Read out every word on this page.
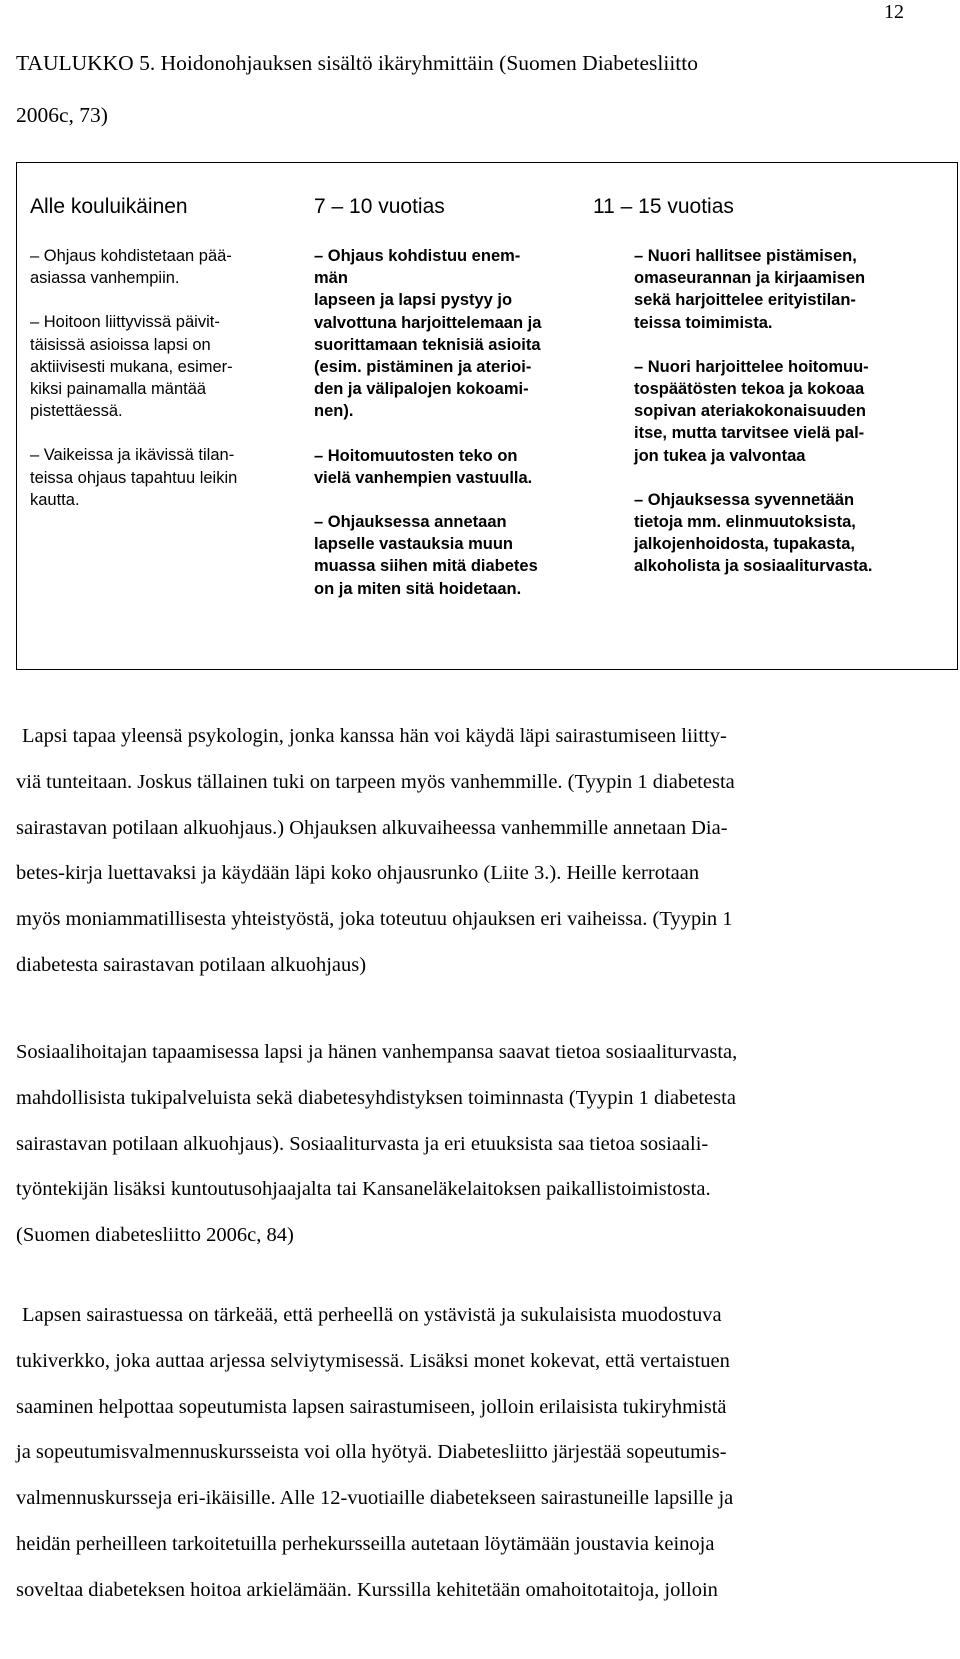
12
TAULUKKO 5. Hoidonohjauksen sisältö ikäryhmittäin (Suomen Diabetesliitto
2006c, 73)
Alle kouluikäinen	7 – 10 vuotias	11 – 15 vuotias

– Ohjaus kohdistetaan pää-
asiassa vanhempiin.

– Hoitoon liittyvissä päivit-
täisissä asioissa lapsi on
aktiivisesti mukana, esimer-
kiksi painamalla mäntää
pistettäessä.

– Vaikeissa ja ikävissä tilan-
teissa ohjaus tapahtuu leikin
kautta.

– Ohjaus kohdistuu enem-
män
lapseen ja lapsi pystyy jo
valvottuna harjoittelemaan ja
suorittamaan teknisiä asioita
(esim. pistäminen ja aterioi-
den ja välipalojen kokoami-
nen).

– Hoitomuutosten teko on
vielä vanhempien vastuulla.

– Ohjauksessa annetaan
lapselle vastauksia muun
muassa siihen mitä diabetes
on ja miten sitä hoidetaan.

– Nuori hallitsee pistämisen,
omaseurannan ja kirjaamisen
sekä harjoittelee erityistilan-
teissa toimimista.

– Nuori harjoittelee hoitomuu-
tospäätösten tekoa ja kokoaa
sopivan ateriakokonaisuuden
itse, mutta tarvitsee vielä pal-
jon tukea ja valvontaa

– Ohjauksessa syvennetään
tietoja mm. elinmuutoksista,
jalkojenhoidosta, tupakasta,
alkoholista ja sosiaaliturvasta.

Lapsi tapaa yleensä psykologin, jonka kanssa hän voi käydä läpi sairastumiseen liitty-
viä tunteitaan. Joskus tällainen tuki on tarpeen myös vanhemmille. (Tyypin 1 diabetesta
sairastavan potilaan alkuohjaus.) Ohjauksen alkuvaiheessa vanhemmille annetaan Dia-
betes-kirja luettavaksi ja käydään läpi koko ohjausrunko (Liite 3.). Heille kerrotaan
myös moniammatillisesta yhteistyöstä, joka toteutuu ohjauksen eri vaiheissa. (Tyypin 1
diabetesta sairastavan potilaan alkuohjaus)
Sosiaalihoitajan tapaamisessa lapsi ja hänen vanhempansa saavat tietoa sosiaaliturvasta,
mahdollisista tukipalveluista sekä diabetesyhdistyksen toiminnasta (Tyypin 1 diabetesta
sairastavan potilaan alkuohjaus). Sosiaaliturvasta ja eri etuuksista saa tietoa sosiaali-
työntekijän lisäksi kuntoutusohjaajalta tai Kansaneläkelaitoksen paikallistoimistosta.
(Suomen diabetesliitto 2006c, 84)
Lapsen sairastuessa on tärkeää, että perheellä on ystävistä ja sukulaisista muodostuva
tukiverkko, joka auttaa arjessa selviytymisessä. Lisäksi monet kokevat, että vertaistuen
saaminen helpottaa sopeutumista lapsen sairastumiseen, jolloin erilaisista tukiryhmistä
ja sopeutumisvalmennuskursseista voi olla hyötyä. Diabetesliitto järjestää sopeutumis-
valmennuskursseja eri-ikäisille. Alle 12-vuotiaille diabetekseen sairastuneille lapsille ja
heidän perheilleen tarkoitetuilla perhekursseilla autetaan löytämään joustavia keinoja
soveltaa diabeteksen hoitoa arkielämään. Kurssilla kehitetään omahoitotaitoja, jolloin
